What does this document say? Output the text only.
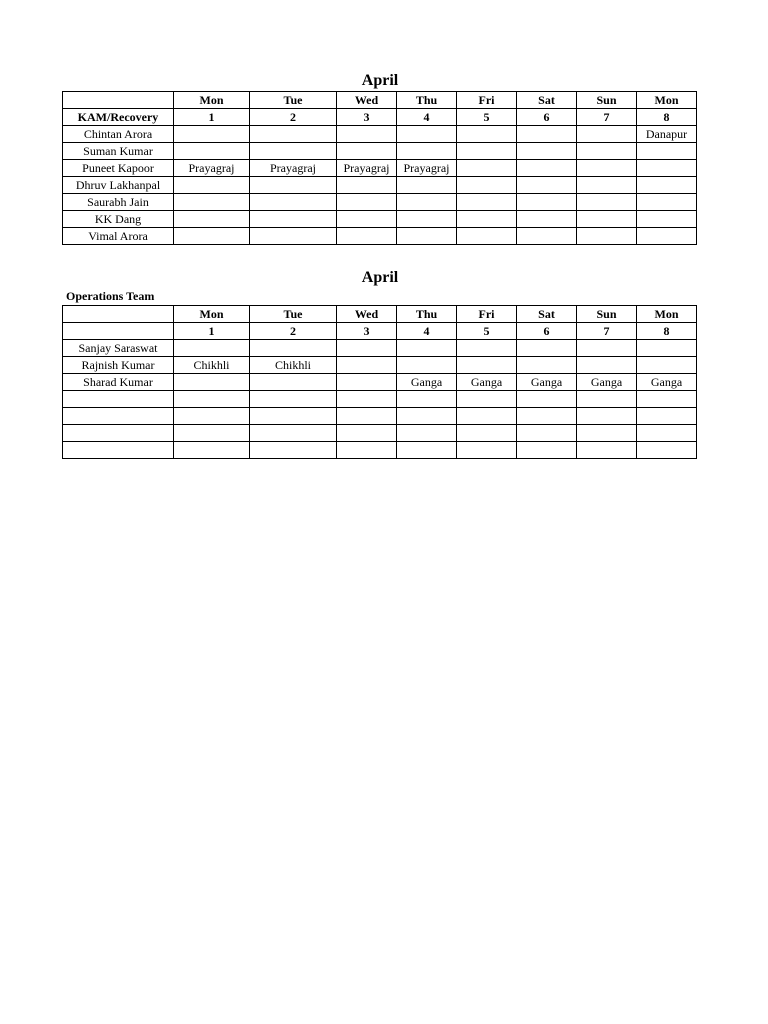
April
	Mon	Tue	Wed	Thu	Fri	Sat	Sun	Mon
KAM/Recovery	1	2	3	4	5	6	7	8
Chintan Arora								Danapur
Suman Kumar								
Puneet Kapoor	Prayagraj	Prayagraj	Prayagraj	Prayagraj				
Dhruv Lakhanpal								
Saurabh Jain								
KK Dang								
Vimal Arora								
April
Operations Team
	Mon	Tue	Wed	Thu	Fri	Sat	Sun	Mon
	1	2	3	4	5	6	7	8
Sanjay Saraswat								
Rajnish Kumar	Chikhli	Chikhli						
Sharad Kumar				Ganga	Ganga	Ganga	Ganga	Ganga
